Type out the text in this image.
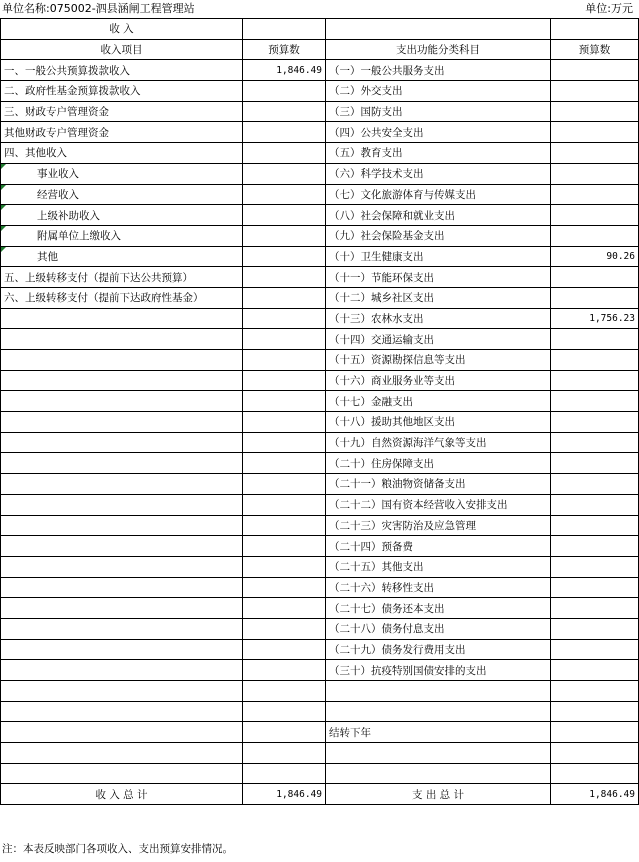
单位名称:075002-泗县涵闸工程管理站	单位:万元
收 入			
收入项目	预算数	支出功能分类科目	预算数
一、一般公共预算拨款收入	1,846.49	（一）一般公共服务支出	
二、政府性基金预算拨款收入		（二）外交支出	
三、财政专户管理资金		（三）国防支出	
其他财政专户管理资金		（四）公共安全支出	
四、其他收入		（五）教育支出	

事业收入		（六）科学技术支出	

经营收入		（七）文化旅游体育与传媒支出	

上级补助收入		（八）社会保障和就业支出	

附属单位上缴收入		（九）社会保险基金支出	

其他		（十）卫生健康支出	90.26
五、上级转移支付（提前下达公共预算）		（十一）节能环保支出	
六、上级转移支付（提前下达政府性基金）		（十二）城乡社区支出	
		（十三）农林水支出	1,756.23
		（十四）交通运输支出	
		（十五）资源勘探信息等支出	
		（十六）商业服务业等支出	
		（十七）金融支出	
		（十八）援助其他地区支出	
		（十九）自然资源海洋气象等支出	
		（二十）住房保障支出	
		（二十一）粮油物资储备支出	
		（二十二）国有资本经营收入安排支出	
		（二十三）灾害防治及应急管理	
		（二十四）预备费	
		（二十五）其他支出	
		（二十六）转移性支出	
		（二十七）债务还本支出	
		（二十八）债务付息支出	
		（二十九）债务发行费用支出	
		（三十）抗疫特别国债安排的支出	

		结转下年	

收 入 总 计	1,846.49	支 出 总 计	1,846.49
注：本表反映部门各项收入、支出预算安排情况。
